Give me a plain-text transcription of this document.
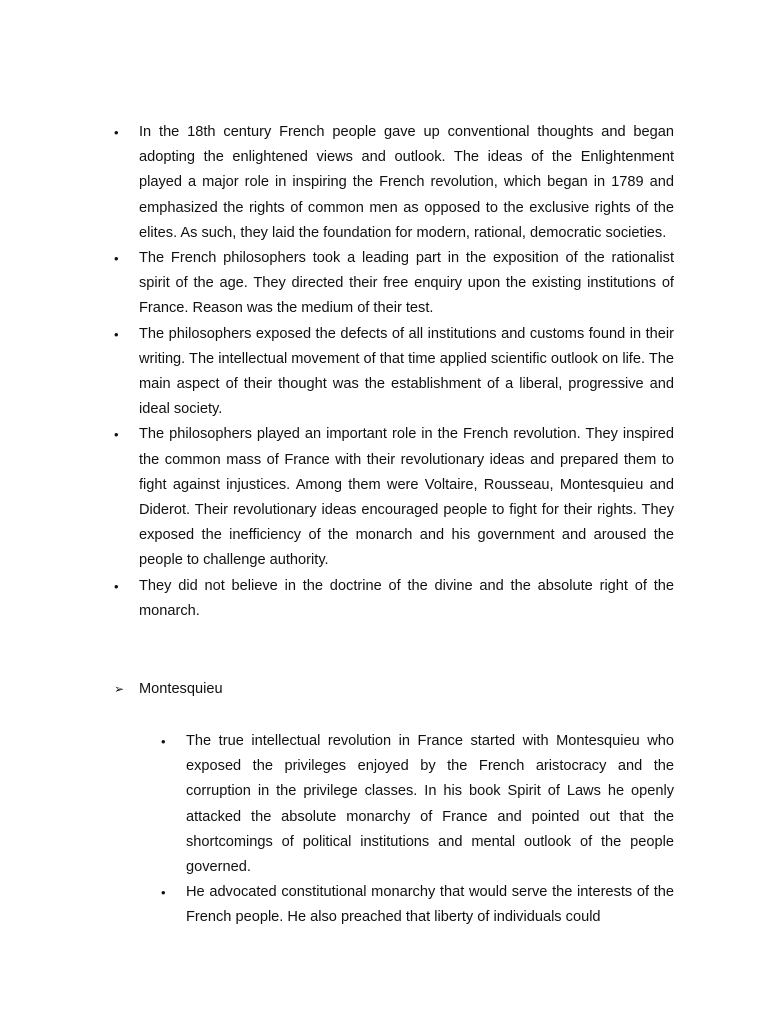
• In the 18th century French people gave up conventional thoughts and began adopting the enlightened views and outlook. The ideas of the Enlightenment played a major role in inspiring the French revolution, which began in 1789 and emphasized the rights of common men as opposed to the exclusive rights of the elites. As such, they laid the foundation for modern, rational, democratic societies.
• The French philosophers took a leading part in the exposition of the rationalist spirit of the age. They directed their free enquiry upon the existing institutions of France. Reason was the medium of their test.
• The philosophers exposed the defects of all institutions and customs found in their writing. The intellectual movement of that time applied scientific outlook on life. The main aspect of their thought was the establishment of a liberal, progressive and ideal society.
• The philosophers played an important role in the French revolution. They inspired the common mass of France with their revolutionary ideas and prepared them to fight against injustices. Among them were Voltaire, Rousseau, Montesquieu and Diderot. Their revolutionary ideas encouraged people to fight for their rights. They exposed the inefficiency of the monarch and his government and aroused the people to challenge authority.
• They did not believe in the doctrine of the divine and the absolute right of the monarch.
➢ Montesquieu
• The true intellectual revolution in France started with Montesquieu who exposed the privileges enjoyed by the French aristocracy and the corruption in the privilege classes. In his book Spirit of Laws he openly attacked the absolute monarchy of France and pointed out that the shortcomings of political institutions and mental outlook of the people governed.
• He advocated constitutional monarchy that would serve the interests of the French people. He also preached that liberty of individuals could
